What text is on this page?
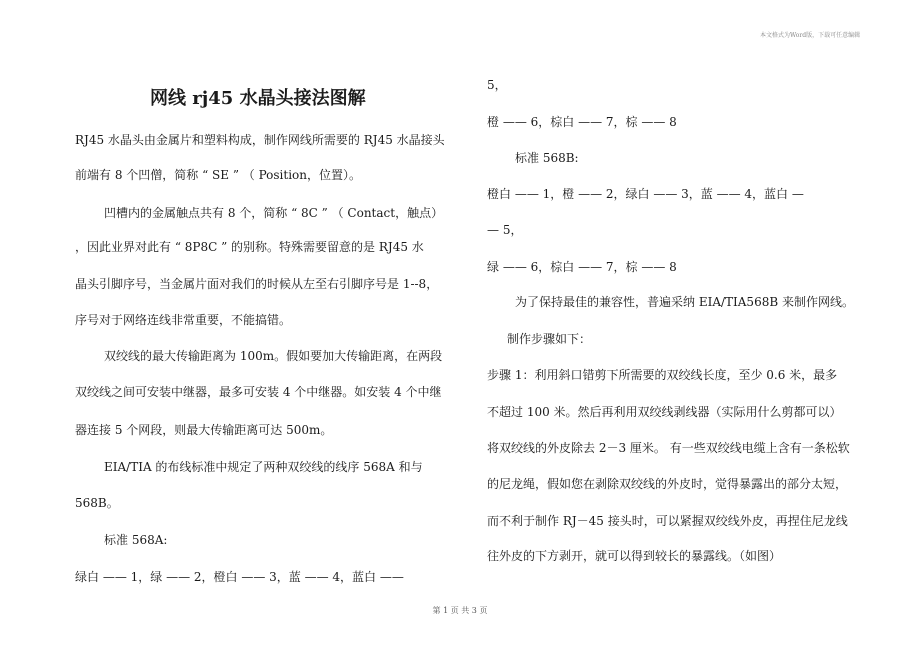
本文格式为Word版，下载可任意编辑
网线 rj45 水晶头接法图解
RJ45 水晶头由金属片和塑料构成，制作网线所需要的 RJ45 水晶接头
前端有 8 个凹僧，简称 “ SE ” （ Position，位置）。
凹槽内的金属触点共有 8 个，简称 “ 8C ” （ Contact，触点）
，因此业界对此有 “ 8P8C ” 的别称。特殊需要留意的是 RJ45 水
晶头引脚序号，当金属片面对我们的时候从左至右引脚序号是 1--8，
序号对于网络连线非常重要，不能搞错。
双绞线的最大传输距离为 100m。假如要加大传输距离，在两段
双绞线之间可安装中继器，最多可安装 4 个中继器。如安装 4 个中继
器连接 5 个网段，则最大传输距离可达 500m。
EIA/TIA 的布线标准中规定了两种双绞线的线序 568A 和与
568B。
标准 568A:
绿白 —— 1，绿 —— 2，橙白 —— 3，蓝 —— 4，蓝白 ——
5，
橙 —— 6，棕白 —— 7，棕 —— 8
标准 568B:
橙白 —— 1，橙 —— 2，绿白 —— 3，蓝 —— 4，蓝白 —
— 5，
绿 —— 6，棕白 —— 7，棕 —— 8
为了保持最佳的兼容性，普遍采纳 EIA/TIA568B 来制作网线。
制作步骤如下：
步骤 1：利用斜口错剪下所需要的双绞线长度，至少 0.6 米，最多
不超过 100 米。然后再利用双绞线剥线器（实际用什么剪都可以）
将双绞线的外皮除去 2－3 厘米。 有一些双绞线电缆上含有一条松软
的尼龙绳，假如您在剥除双绞线的外皮时，觉得暴露出的部分太短，
而不利于制作 RJ－45 接头时，可以紧握双绞线外皮，再捏住尼龙线
往外皮的下方剥开，就可以得到较长的暴露线。（如图）
第 1 页 共 3 页
